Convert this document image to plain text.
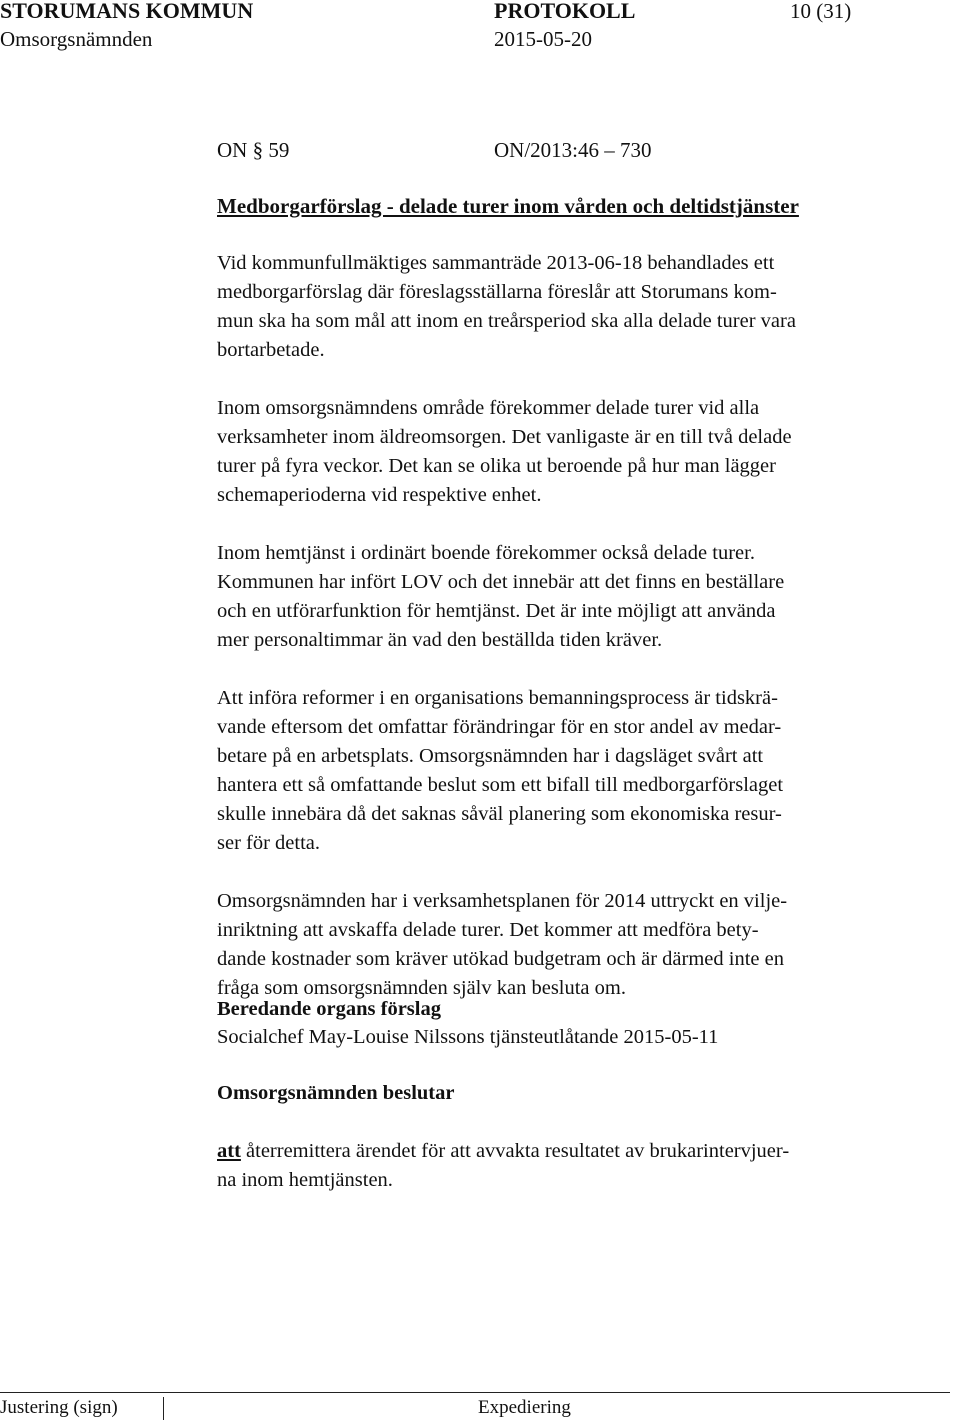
STORUMANS KOMMUN	PROTOKOLL	10 (31)
Omsorgsnämnden	2015-05-20
ON § 59	ON/2013:46 – 730
Medborgarförslag - delade turer inom vården och deltidstjänster

Vid kommunfullmäktiges sammanträde 2013-06-18 behandlades ett
medborgarförslag där föreslagsställarna föreslår att Storumans kom-
mun ska ha som mål att inom en treårsperiod ska alla delade turer vara
bortarbetade.

Inom omsorgsnämndens område förekommer delade turer vid alla
verksamheter inom äldreomsorgen. Det vanligaste är en till två delade
turer på fyra veckor. Det kan se olika ut beroende på hur man lägger
schemaperioderna vid respektive enhet.

Inom hemtjänst i ordinärt boende förekommer också delade turer.
Kommunen har infört LOV och det innebär att det finns en beställare
och en utförarfunktion för hemtjänst. Det är inte möjligt att använda
mer personaltimmar än vad den beställda tiden kräver.

Att införa reformer i en organisations bemanningsprocess är tidskrä-
vande eftersom det omfattar förändringar för en stor andel av medar-
betare på en arbetsplats. Omsorgsnämnden har i dagsläget svårt att
hantera ett så omfattande beslut som ett bifall till medborgarförslaget
skulle innebära då det saknas såväl planering som ekonomiska resur-
ser för detta.

Omsorgsnämnden har i verksamhetsplanen för 2014 uttryckt en vilje-
inriktning att avskaffa delade turer. Det kommer att medföra bety-
dande kostnader som kräver utökad budgetram och är därmed inte en
fråga som omsorgsnämnden själv kan besluta om.

Beredande organs förslag
Socialchef May-Louise Nilssons tjänsteutlåtande 2015-05-11
Omsorgsnämnden beslutar
att återremittera ärendet för att avvakta resultatet av brukarintervjuer-
na inom hemtjänsten.
Justering (sign)	Expediering
